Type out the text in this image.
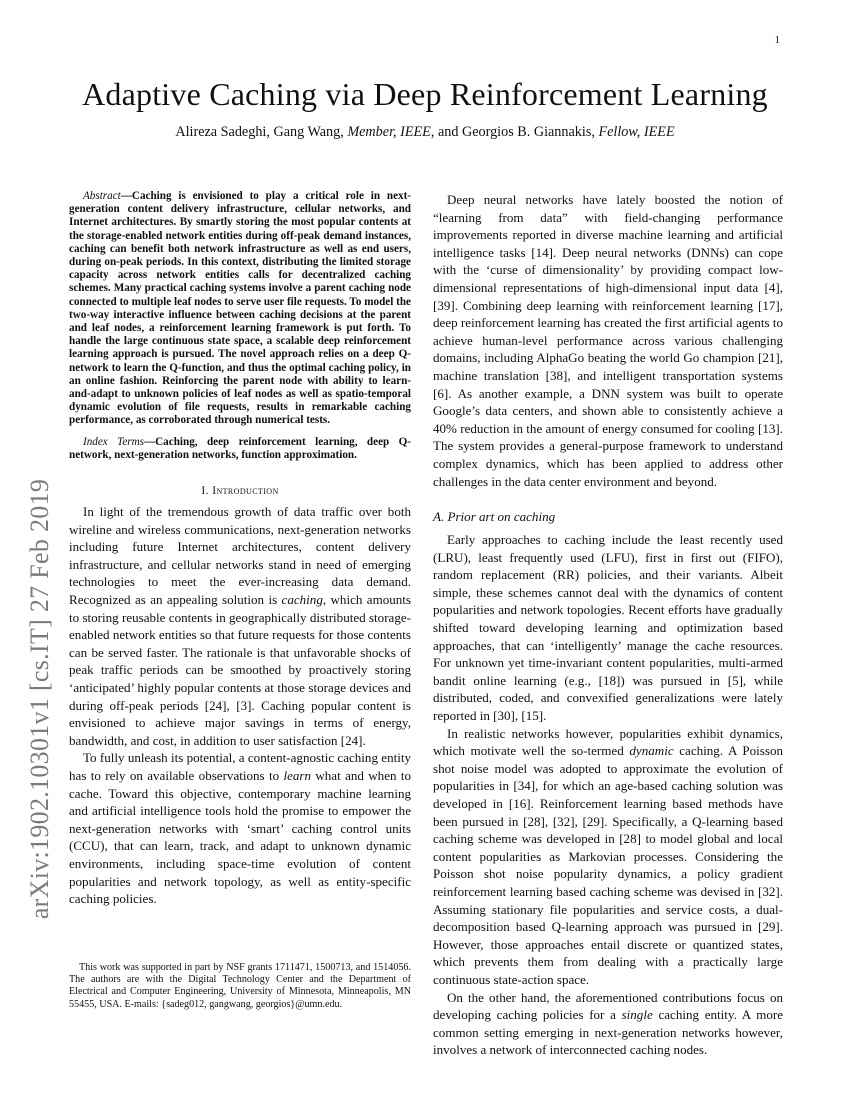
1
arXiv:1902.10301v1 [cs.IT] 27 Feb 2019
Adaptive Caching via Deep Reinforcement Learning
Alireza Sadeghi, Gang Wang, Member, IEEE, and Georgios B. Giannakis, Fellow, IEEE

Abstract—Caching is envisioned to play a critical role in next-generation content delivery infrastructure, cellular networks, and Internet architectures. By smartly storing the most popular contents at the storage-enabled network entities during off-peak demand instances, caching can benefit both network infrastructure as well as end users, during on-peak periods. In this context, distributing the limited storage capacity across network entities calls for decentralized caching schemes. Many practical caching systems involve a parent caching node connected to multiple leaf nodes to serve user file requests. To model the two-way interactive influence between caching decisions at the parent and leaf nodes, a reinforcement learning framework is put forth. To handle the large continuous state space, a scalable deep reinforcement learning approach is pursued. The novel approach relies on a deep Q-network to learn the Q-function, and thus the optimal caching policy, in an online fashion. Reinforcing the parent node with ability to learn-and-adapt to unknown policies of leaf nodes as well as spatio-temporal dynamic evolution of file requests, results in remarkable caching performance, as corroborated through numerical tests.

Index Terms—Caching, deep reinforcement learning, deep Q-network, next-generation networks, function approximation.

I. Introduction

In light of the tremendous growth of data traffic over both wireline and wireless communications, next-generation networks including future Internet architectures, content delivery infrastructure, and cellular networks stand in need of emerging technologies to meet the ever-increasing data demand. Recognized as an appealing solution is caching, which amounts to storing reusable contents in geographically distributed storage-enabled network entities so that future requests for those contents can be served faster. The rationale is that unfavorable shocks of peak traffic periods can be smoothed by proactively storing ‘anticipated’ highly popular contents at those storage devices and during off-peak periods [24], [3]. Caching popular content is envisioned to achieve major savings in terms of energy, bandwidth, and cost, in addition to user satisfaction [24].

To fully unleash its potential, a content-agnostic caching entity has to rely on available observations to learn what and when to cache. Toward this objective, contemporary machine learning and artificial intelligence tools hold the promise to empower the next-generation networks with ‘smart’ caching control units (CCU), that can learn, track, and adapt to unknown dynamic environments, including space-time evolution of content popularities and network topology, as well as entity-specific caching policies.

This work was supported in part by NSF grants 1711471, 1500713, and 1514056. The authors are with the Digital Technology Center and the Department of Electrical and Computer Engineering, University of Minnesota, Minneapolis, MN 55455, USA. E-mails: {sadeg012, gangwang, georgios}@umn.edu.

Deep neural networks have lately boosted the notion of “learning from data” with field-changing performance improvements reported in diverse machine learning and artificial intelligence tasks [14]. Deep neural networks (DNNs) can cope with the ‘curse of dimensionality’ by providing compact low-dimensional representations of high-dimensional input data [4], [39]. Combining deep learning with reinforcement learning [17], deep reinforcement learning has created the first artificial agents to achieve human-level performance across various challenging domains, including AlphaGo beating the world Go champion [21], machine translation [38], and intelligent transportation systems [6]. As another example, a DNN system was built to operate Google’s data centers, and shown able to consistently achieve a 40% reduction in the amount of energy consumed for cooling [13]. The system provides a general-purpose framework to understand complex dynamics, which has been applied to address other challenges in the data center environment and beyond.

A. Prior art on caching

Early approaches to caching include the least recently used (LRU), least frequently used (LFU), first in first out (FIFO), random replacement (RR) policies, and their variants. Albeit simple, these schemes cannot deal with the dynamics of content popularities and network topologies. Recent efforts have gradually shifted toward developing learning and optimization based approaches, that can ‘intelligently’ manage the cache resources. For unknown yet time-invariant content popularities, multi-armed bandit online learning (e.g., [18]) was pursued in [5], while distributed, coded, and convexified generalizations were lately reported in [30], [15].

In realistic networks however, popularities exhibit dynamics, which motivate well the so-termed dynamic caching. A Poisson shot noise model was adopted to approximate the evolution of popularities in [34], for which an age-based caching solution was developed in [16]. Reinforcement learning based methods have been pursued in [28], [32], [29]. Specifically, a Q-learning based caching scheme was developed in [28] to model global and local content popularities as Markovian processes. Considering the Poisson shot noise popularity dynamics, a policy gradient reinforcement learning based caching scheme was devised in [32]. Assuming stationary file popularities and service costs, a dual-decomposition based Q-learning approach was pursued in [29]. However, those approaches entail discrete or quantized states, which prevents them from dealing with a practically large continuous state-action space.

On the other hand, the aforementioned contributions focus on developing caching policies for a single caching entity. A more common setting emerging in next-generation networks however, involves a network of interconnected caching nodes.
